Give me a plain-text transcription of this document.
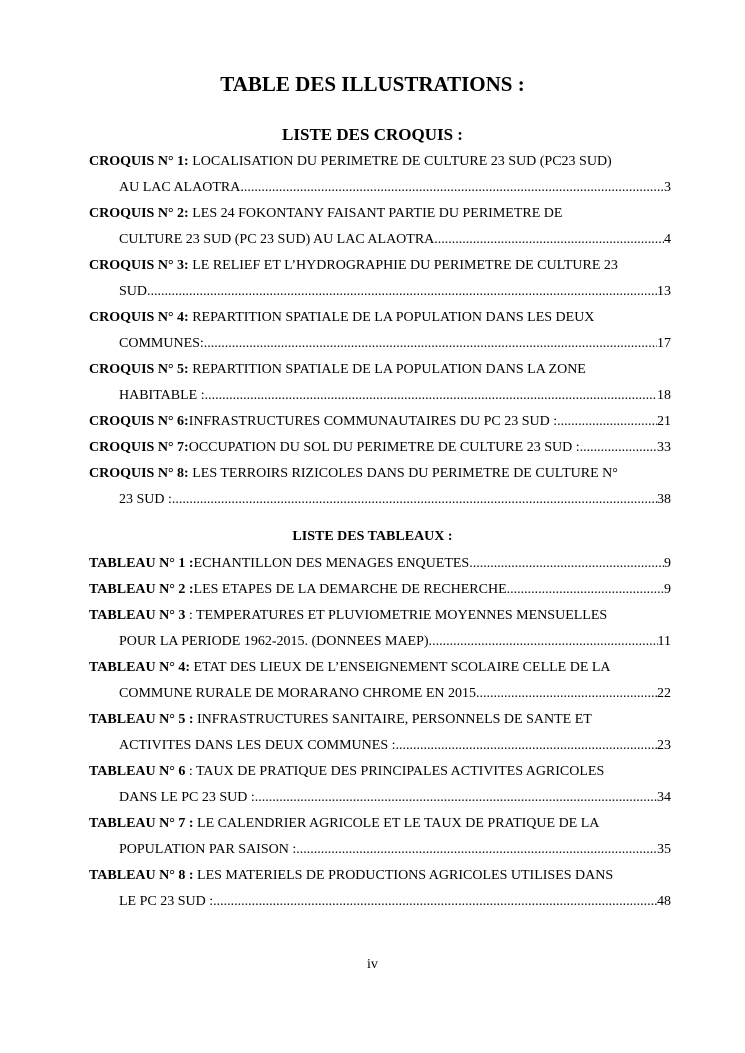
TABLE DES ILLUSTRATIONS :
LISTE DES CROQUIS :
CROQUIS N° 1: LOCALISATION DU PERIMETRE DE CULTURE 23 SUD (PC23 SUD)
AU LAC ALAOTRA .....	3
CROQUIS N° 2: LES 24 FOKONTANY FAISANT PARTIE DU PERIMETRE DE
CULTURE 23 SUD (PC 23 SUD) AU LAC ALAOTRA .....	4
CROQUIS N° 3: LE RELIEF ET L’HYDROGRAPHIE DU PERIMETRE DE CULTURE 23
SUD .....	13
CROQUIS N° 4: REPARTITION SPATIALE DE LA POPULATION DANS LES DEUX
COMMUNES: .....	17
CROQUIS N° 5: REPARTITION SPATIALE DE LA POPULATION DANS LA ZONE
HABITABLE : .....	18
CROQUIS N° 6: INFRASTRUCTURES COMMUNAUTAIRES DU PC 23 SUD : .....	21
CROQUIS N° 7: OCCUPATION DU SOL DU PERIMETRE DE CULTURE 23 SUD : .....	33
CROQUIS N° 8: LES TERROIRS RIZICOLES DANS DU PERIMETRE DE CULTURE N°
23 SUD : .....	38
LISTE DES TABLEAUX :
TABLEAU N° 1 : ECHANTILLON DES MENAGES ENQUETES .....	9
TABLEAU N° 2 : LES ETAPES DE LA DEMARCHE DE RECHERCHE .....	9
TABLEAU N° 3 : TEMPERATURES ET PLUVIOMETRIE MOYENNES MENSUELLES
POUR LA PERIODE 1962-2015. (DONNEES MAEP). .....	11
TABLEAU N° 4: ETAT DES LIEUX DE L’ENSEIGNEMENT SCOLAIRE CELLE DE LA
COMMUNE RURALE DE MORARANO CHROME EN 2015 .....	22
TABLEAU N° 5 : INFRASTRUCTURES SANITAIRE, PERSONNELS DE SANTE ET
ACTIVITES DANS LES DEUX COMMUNES : .....	23
TABLEAU N° 6 : TAUX DE PRATIQUE DES PRINCIPALES ACTIVITES AGRICOLES
DANS LE PC 23 SUD : .....	34
TABLEAU N° 7 : LE CALENDRIER AGRICOLE ET LE TAUX DE PRATIQUE DE LA
POPULATION PAR SAISON : .....	35
TABLEAU N° 8 : LES MATERIELS DE PRODUCTIONS AGRICOLES UTILISES DANS
LE PC 23 SUD : .....	48
iv
